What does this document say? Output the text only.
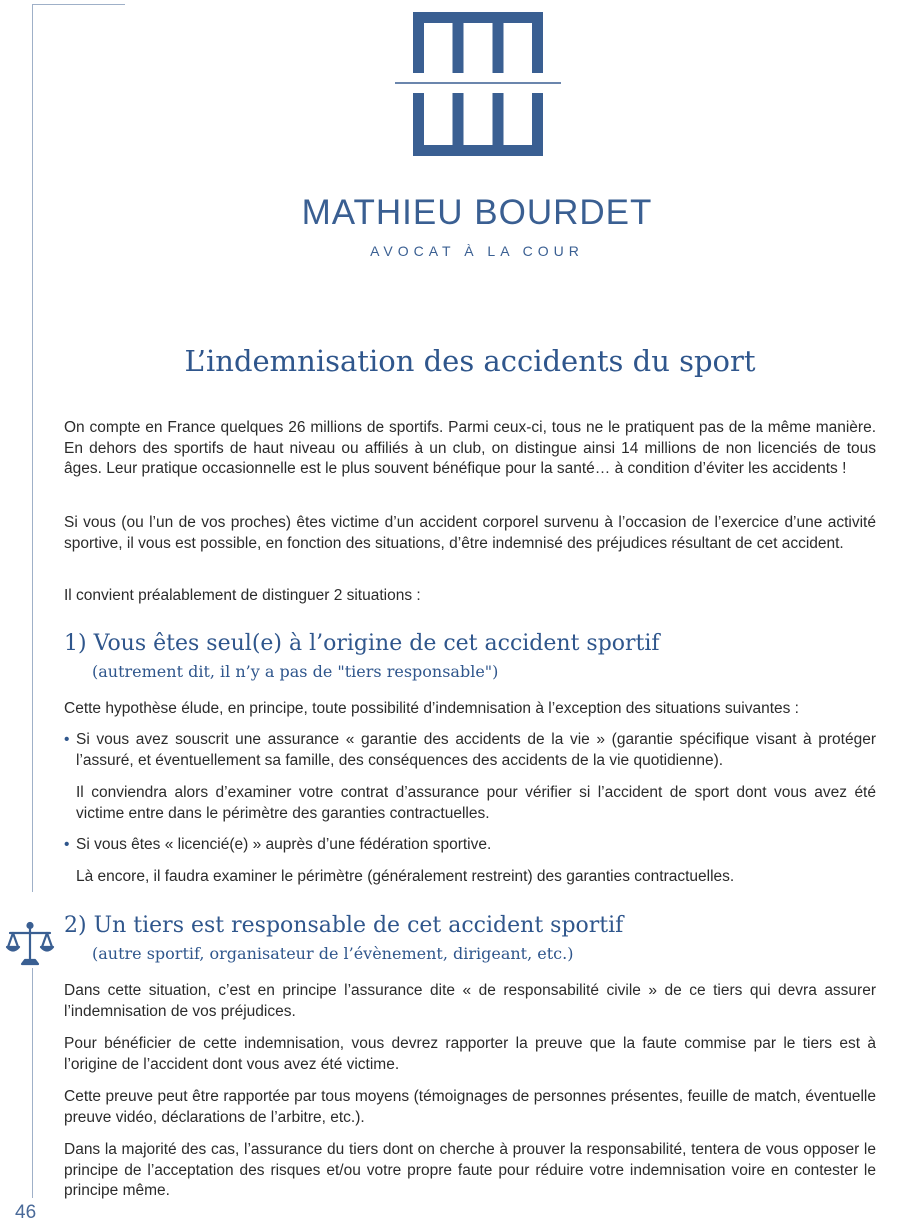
MATHIEU BOURDET
AVOCAT À LA COUR
L’indemnisation des accidents du sport
On compte en France quelques 26 millions de sportifs. Parmi ceux-ci, tous ne le pratiquent pas de la même manière. En dehors des sportifs de haut niveau ou affiliés à un club, on distingue ainsi 14 millions de non licenciés de tous âges. Leur pratique occasionnelle est le plus souvent bénéfique pour la santé… à condition d’éviter les accidents !
Si vous (ou l’un de vos proches) êtes victime d’un accident corporel survenu à l’occasion de l’exercice d’une activité sportive, il vous est possible, en fonction des situations, d’être indemnisé des préjudices résultant de cet accident.
Il convient préalablement de distinguer 2 situations :
1) Vous êtes seul(e) à l’origine de cet accident sportif
(autrement dit, il n’y a pas de "tiers responsable")
Cette hypothèse élude, en principe, toute possibilité d’indemnisation à l’exception des situations suivantes :
• Si vous avez souscrit une assurance « garantie des accidents de la vie » (garantie spécifique visant à protéger l’assuré, et éventuellement sa famille, des conséquences des accidents de la vie quotidienne).
Il conviendra alors d’examiner votre contrat d’assurance pour vérifier si l’accident de sport dont vous avez été victime entre dans le périmètre des garanties contractuelles.
• Si vous êtes « licencié(e) » auprès d’une fédération sportive.
Là encore, il faudra examiner le périmètre (généralement restreint) des garanties contractuelles.
2) Un tiers est responsable de cet accident sportif
(autre sportif, organisateur de l’évènement, dirigeant, etc.)
Dans cette situation, c’est en principe l’assurance dite « de responsabilité civile » de ce tiers qui devra assurer l’indemnisation de vos préjudices.
Pour bénéficier de cette indemnisation, vous devrez rapporter la preuve que la faute commise par le tiers est à l’origine de l’accident dont vous avez été victime.
Cette preuve peut être rapportée par tous moyens (témoignages de personnes présentes, feuille de match, éventuelle preuve vidéo, déclarations de l’arbitre, etc.).
Dans la majorité des cas, l’assurance du tiers dont on cherche à prouver la responsabilité, tentera de vous opposer le principe de l’acceptation des risques et/ou votre propre faute pour réduire votre indemnisation voire en contester le principe même.
46
